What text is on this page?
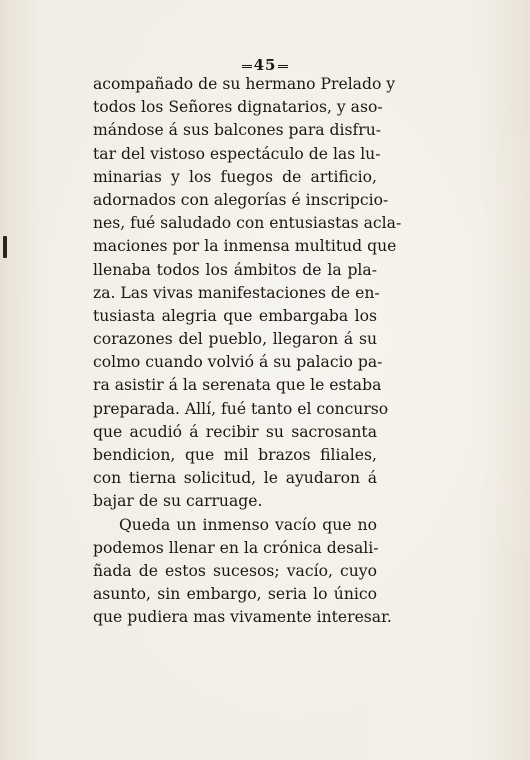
45
acompañado de su hermano Prelado y
todos los Señores dignatarios, y aso-
mándose á sus balcones para disfru-
tar del vistoso espectáculo de las lu-
minarias y los fuegos de artificio,
adornados con alegorías é inscripcio-
nes, fué saludado con entusiastas acla-
maciones por la inmensa multitud que
llenaba todos los ámbitos de la pla-
za. Las vivas manifestaciones de en-
tusiasta alegria que embargaba los
corazones del pueblo, llegaron á su
colmo cuando volvió á su palacio pa-
ra asistir á la serenata que le estaba
preparada. Allí, fué tanto el concurso
que acudió á recibir su sacrosanta
bendicion, que mil brazos filiales,
con tierna solicitud, le ayudaron á
bajar de su carruage.
Queda un inmenso vacío que no
podemos llenar en la crónica desali-
ñada de estos sucesos; vacío, cuyo
asunto, sin embargo, seria lo único
que pudiera mas vivamente interesar.
